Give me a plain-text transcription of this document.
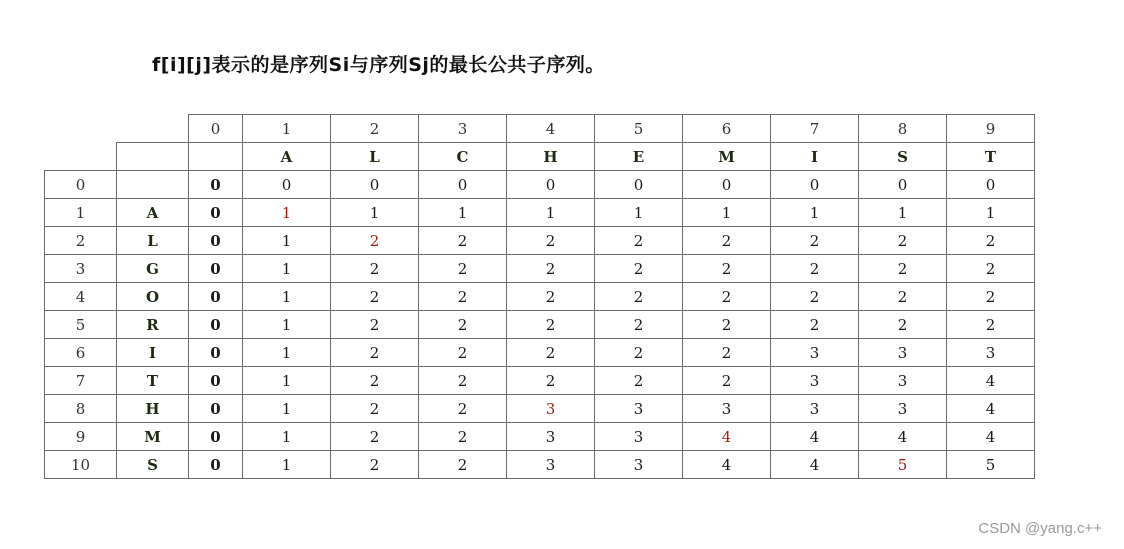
f[i][j]表示的是序列Si与序列Sj的最长公共子序列。
		0	1	2	3	4	5	6	7	8	9
			A	L	C	H	E	M	I	S	T
0		0	0	0	0	0	0	0	0	0	0
1	A	0	1	1	1	1	1	1	1	1	1
2	L	0	1	2	2	2	2	2	2	2	2
3	G	0	1	2	2	2	2	2	2	2	2
4	O	0	1	2	2	2	2	2	2	2	2
5	R	0	1	2	2	2	2	2	2	2	2
6	I	0	1	2	2	2	2	2	3	3	3
7	T	0	1	2	2	2	2	2	3	3	4
8	H	0	1	2	2	3	3	3	3	3	4
9	M	0	1	2	2	3	3	4	4	4	4
10	S	0	1	2	2	3	3	4	4	5	5
CSDN @yang.c++
